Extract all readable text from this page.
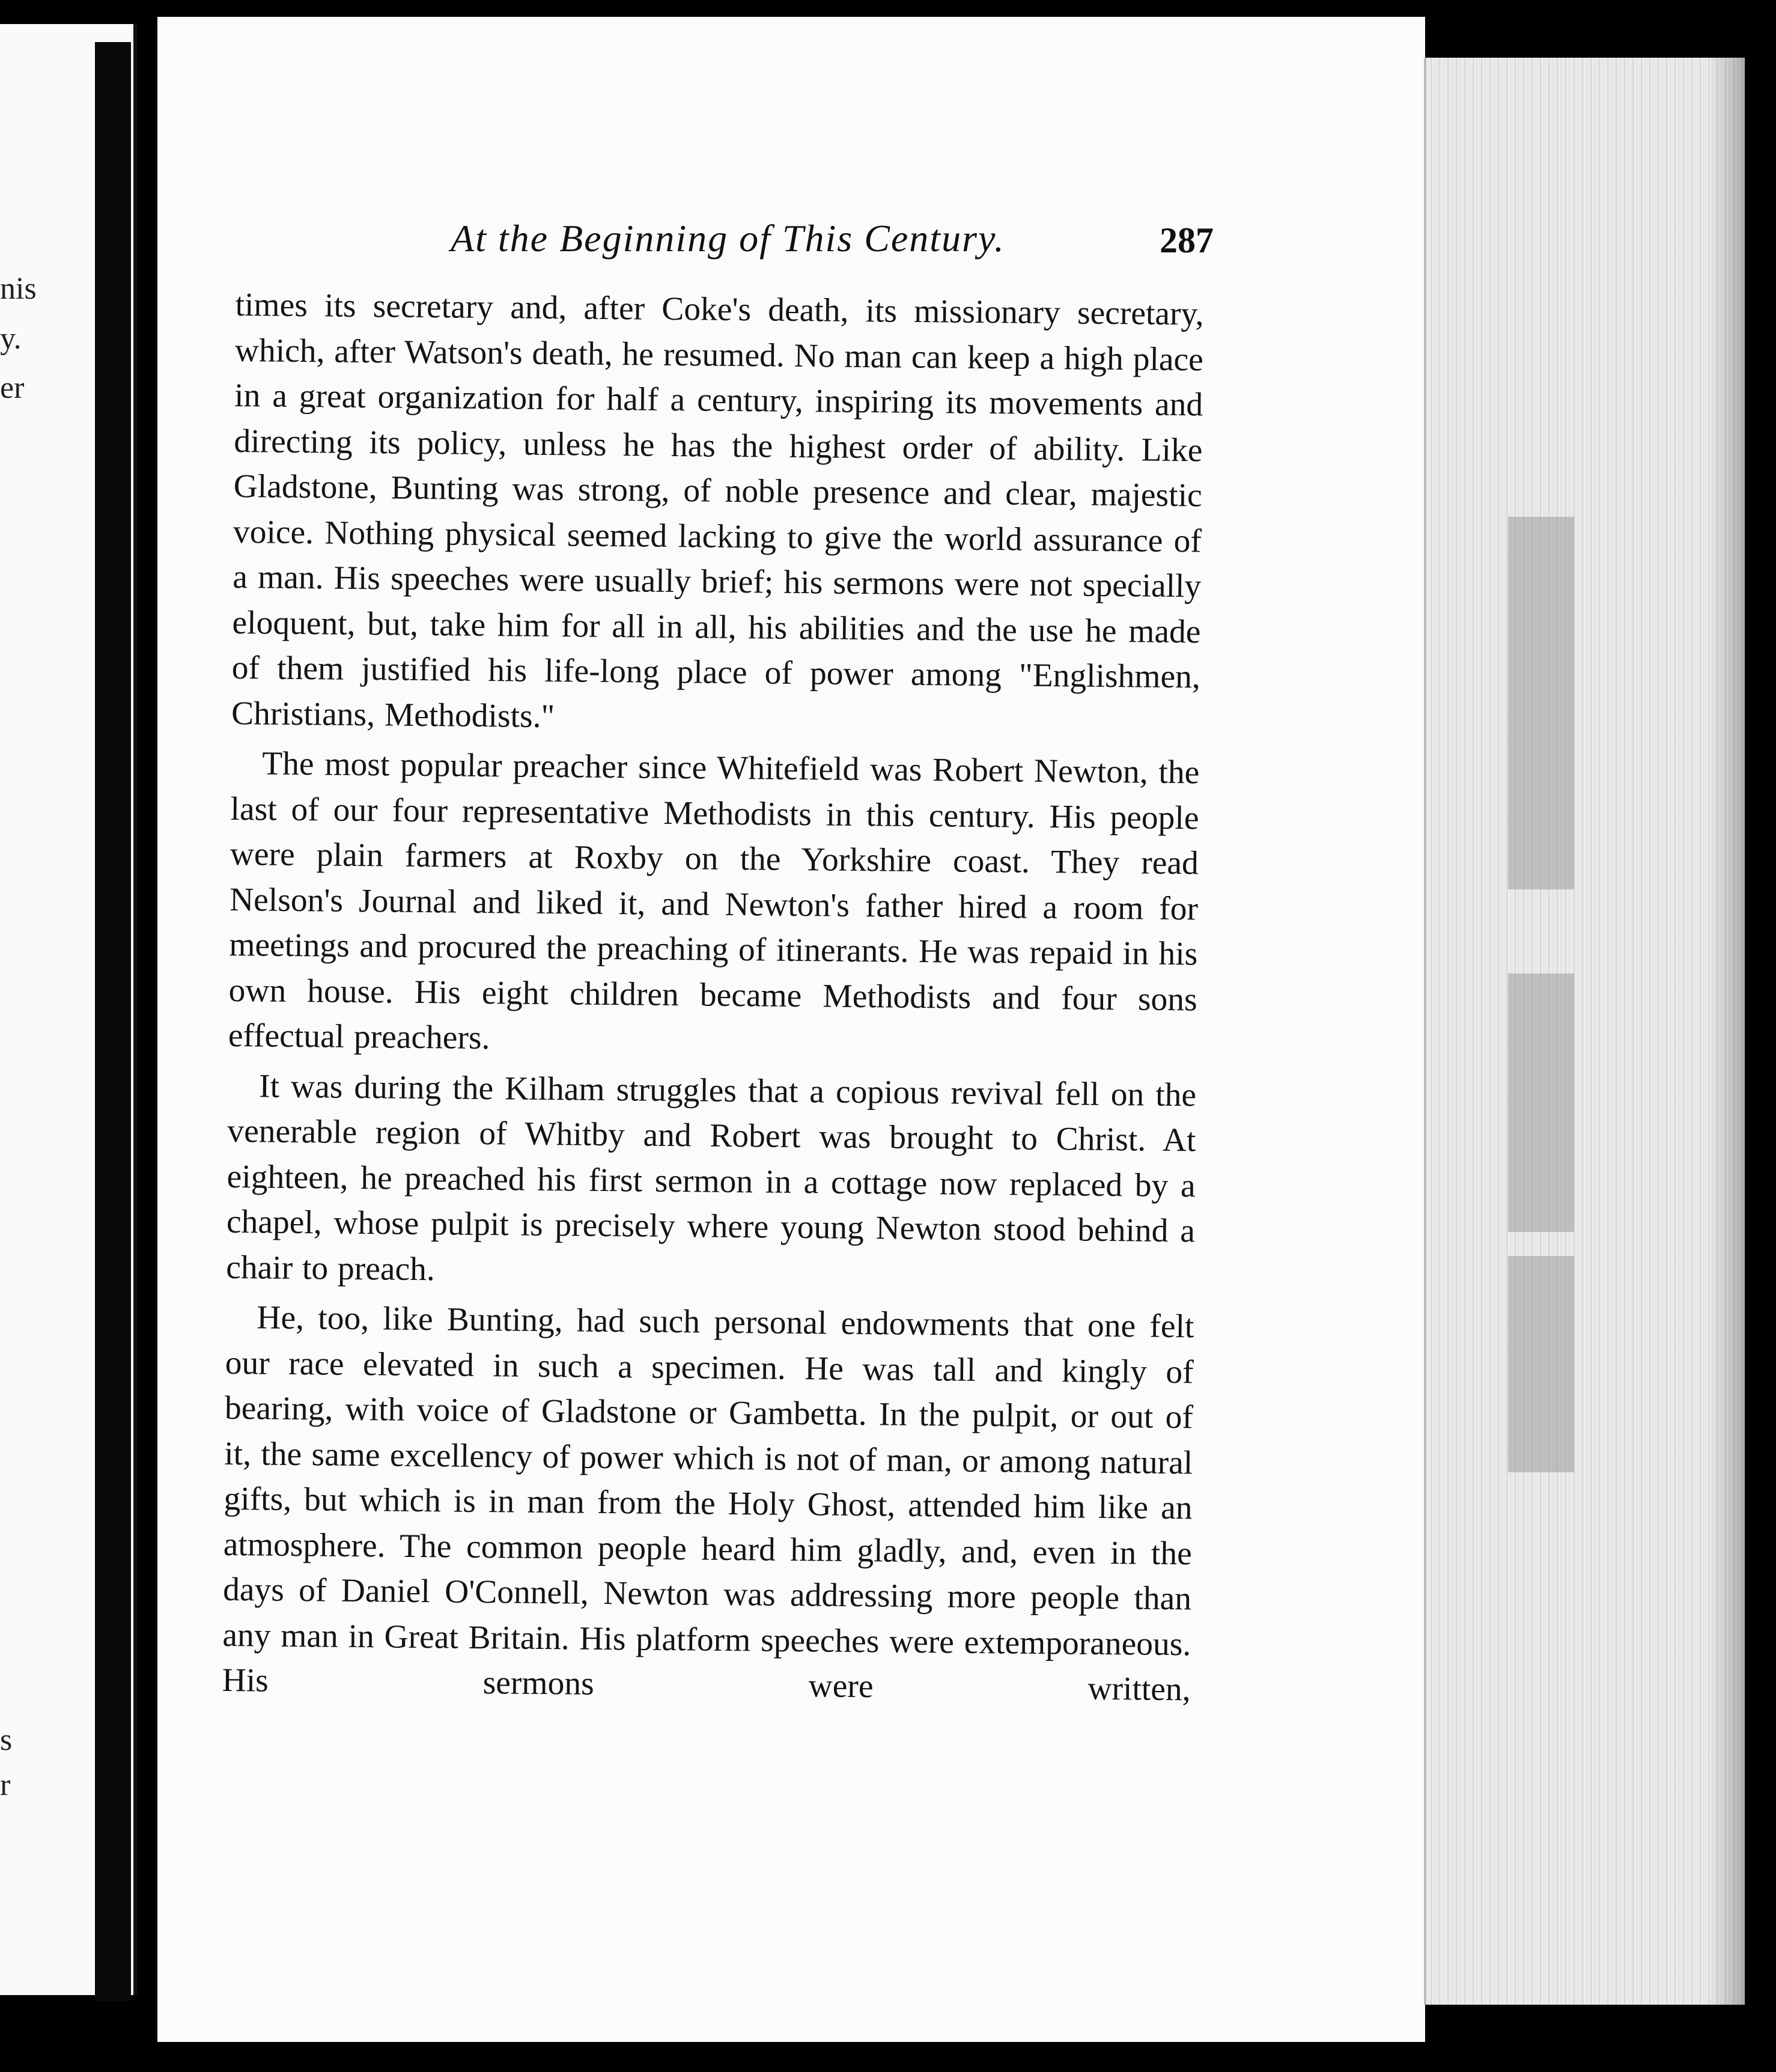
nis
y.
er
s
r
At the Beginning of This Century.	287

times its secretary and, after Coke's death, its missionary secretary, which, after Watson's death, he resumed. No man can keep a high place in a great organization for half a century, inspiring its movements and directing its policy, unless he has the highest order of ability. Like Gladstone, Bunting was strong, of noble presence and clear, majestic voice. Nothing physical seemed lacking to give the world assurance of a man. His speeches were usually brief; his sermons were not specially eloquent, but, take him for all in all, his abilities and the use he made of them justified his life-long place of power among "Englishmen, Christians, Methodists."

The most popular preacher since Whitefield was Robert Newton, the last of our four representative Methodists in this century. His people were plain farmers at Roxby on the Yorkshire coast. They read Nelson's Journal and liked it, and Newton's father hired a room for meetings and procured the preaching of itinerants. He was repaid in his own house. His eight children became Methodists and four sons effectual preachers.

It was during the Kilham struggles that a copious revival fell on the venerable region of Whitby and Robert was brought to Christ. At eighteen, he preached his first sermon in a cottage now replaced by a chapel, whose pulpit is precisely where young Newton stood behind a chair to preach.

He, too, like Bunting, had such personal endowments that one felt our race elevated in such a specimen. He was tall and kingly of bearing, with voice of Gladstone or Gambetta. In the pulpit, or out of it, the same excellency of power which is not of man, or among natural gifts, but which is in man from the Holy Ghost, attended him like an atmosphere. The common people heard him gladly, and, even in the days of Daniel O'Connell, Newton was addressing more people than any man in Great Britain. His platform speeches were extemporaneous. His sermons were written,
